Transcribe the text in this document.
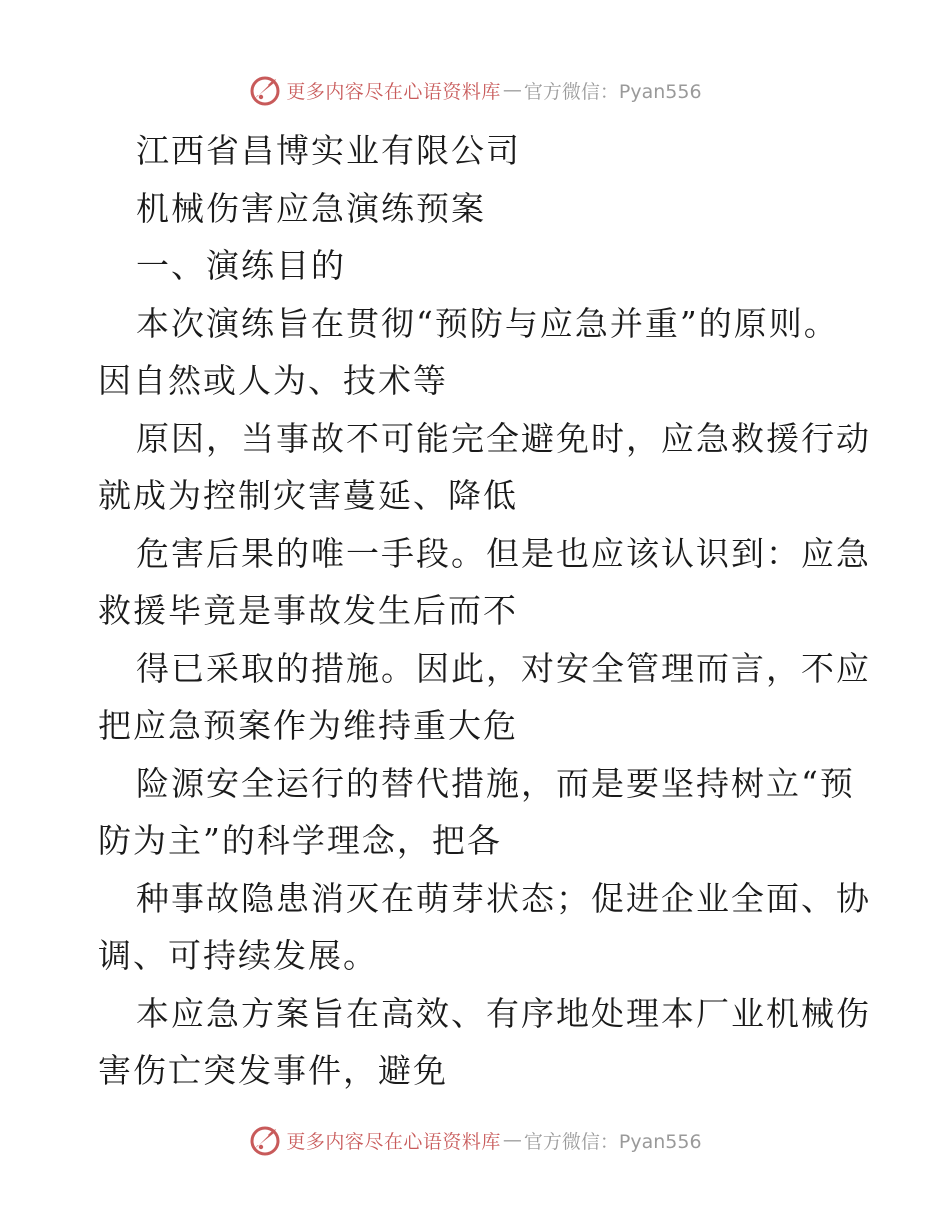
更多内容尽在心语资料库 — 官方微信：Pyan556
江西省昌博实业有限公司
机械伤害应急演练预案
一、演练目的
本次演练旨在贯彻“预防与应急并重”的原则。
因自然或人为、技术等
原因，当事故不可能完全避免时，应急救援行动
就成为控制灾害蔓延、降低
危害后果的唯一手段。但是也应该认识到：应急
救援毕竟是事故发生后而不
得已采取的措施。因此，对安全管理而言，不应
把应急预案作为维持重大危
险源安全运行的替代措施，而是要坚持树立“预
防为主”的科学理念，把各
种事故隐患消灭在萌芽状态；促进企业全面、协
调、可持续发展。
本应急方案旨在高效、有序地处理本厂业机械伤
害伤亡突发事件，避免
更多内容尽在心语资料库 — 官方微信：Pyan556
